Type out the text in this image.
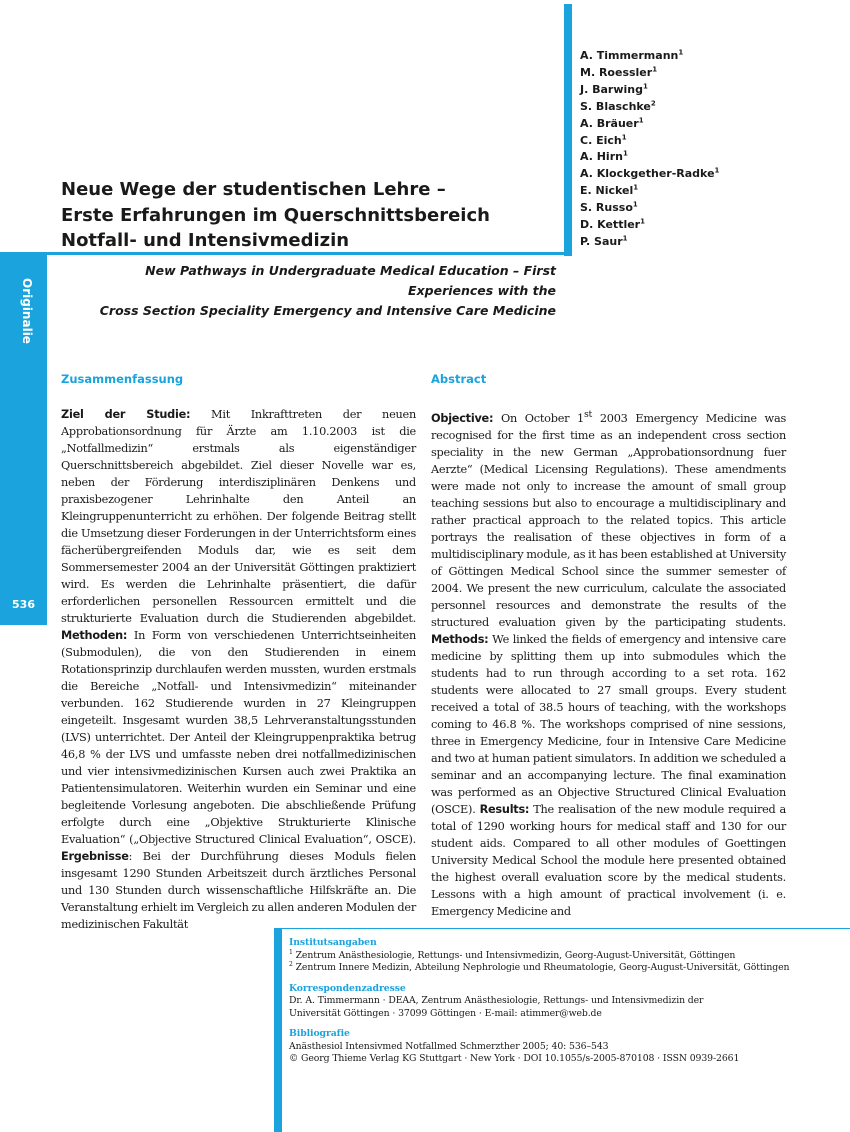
Originalie
536
A. Timmermann$^1$
M. Roessler$^1$
J. Barwing$^1$
S. Blaschke$^2$
A. Bräuer$^1$
C. Eich$^1$
A. Hirn$^1$
A. Klockgether-Radke$^1$
E. Nickel$^1$
S. Russo$^1$
D. Kettler$^1$
P. Saur$^1$
Neue Wege der studentischen Lehre –
Erste Erfahrungen im Querschnittsbereich
Notfall- und Intensivmedizin
New Pathways in Undergraduate Medical Education – First Experiences with the
Cross Section Speciality Emergency and Intensive Care Medicine
Zusammenfassung

Ziel der Studie: Mit Inkrafttreten der neuen Approbationsordnung für Ärzte am 1.10.2003 ist die „Notfallmedizin“ erstmals als eigenständiger Querschnittsbereich abgebildet. Ziel dieser Novelle war es, neben der Förderung interdisziplinären Denkens und praxisbezogener Lehrinhalte den Anteil an Kleingruppenunterricht zu erhöhen. Der folgende Beitrag stellt die Umsetzung dieser Forderungen in der Unterrichtsform eines fächerübergreifenden Moduls dar, wie es seit dem Sommersemester 2004 an der Universität Göttingen praktiziert wird. Es werden die Lehrinhalte präsentiert, die dafür erforderlichen personellen Ressourcen ermittelt und die strukturierte Evaluation durch die Studierenden abgebildet. Methoden: In Form von verschiedenen Unterrichtseinheiten (Submodulen), die von den Studierenden in einem Rotationsprinzip durchlaufen werden mussten, wurden erstmals die Bereiche „Notfall- und Intensivmedizin“ miteinander verbunden. 162 Studierende wurden in 27 Kleingruppen eingeteilt. Insgesamt wurden 38,5 Lehrveranstaltungsstunden (LVS) unterrichtet. Der Anteil der Kleingruppenpraktika betrug 46,8 % der LVS und umfasste neben drei notfallmedizinischen und vier intensivmedizinischen Kursen auch zwei Praktika an Patientensimulatoren. Weiterhin wurden ein Seminar und eine begleitende Vorlesung angeboten. Die abschließende Prüfung erfolgte durch eine „Objektive Strukturierte Klinische Evaluation“ („Objective Structured Clinical Evaluation“, OSCE). Ergebnisse: Bei der Durchführung dieses Moduls fielen insgesamt 1290 Stunden Arbeitszeit durch ärztliches Personal und 130 Stunden durch wissenschaftliche Hilfskräfte an. Die Veranstaltung erhielt im Vergleich zu allen anderen Modulen der medizinischen Fakultät

Abstract

Objective: On October 1st 2003 Emergency Medicine was recognised for the first time as an independent cross section speciality in the new German „Approbationsordnung fuer Aerzte“ (Medical Licensing Regulations). These amendments were made not only to increase the amount of small group teaching sessions but also to encourage a multidisciplinary and rather practical approach to the related topics. This article portrays the realisation of these objectives in form of a multidisciplinary module, as it has been established at University of Göttingen Medical School since the summer semester of 2004. We present the new curriculum, calculate the associated personnel resources and demonstrate the results of the structured evaluation given by the participating students. Methods: We linked the fields of emergency and intensive care medicine by splitting them up into submodules which the students had to run through according to a set rota. 162 students were allocated to 27 small groups. Every student received a total of 38.5 hours of teaching, with the workshops coming to 46.8 %. The workshops comprised of nine sessions, three in Emergency Medicine, four in Intensive Care Medicine and two at human patient simulators. In addition we scheduled a seminar and an accompanying lecture. The final examination was performed as an Objective Structured Clinical Evaluation (OSCE). Results: The realisation of the new module required a total of 1290 working hours for medical staff and 130 for our student aids. Compared to all other modules of Goettingen University Medical School the module here presented obtained the highest overall evaluation score by the medical students. Lessons with a high amount of practical involvement (i. e. Emergency Medicine and

Institutsangaben

$^1$ Zentrum Anästhesiologie, Rettungs- und Intensivmedizin, Georg-August-Universität, Göttingen

$^2$ Zentrum Innere Medizin, Abteilung Nephrologie und Rheumatologie, Georg-August-Universität, Göttingen

Korrespondenzadresse

Dr. A. Timmermann · DEAA, Zentrum Anästhesiologie, Rettungs- und Intensivmedizin der

Universität Göttingen · 37099 Göttingen · E-mail: atimmer@web.de

Bibliografie

Anästhesiol Intensivmed Notfallmed Schmerzther 2005; 40: 536–543

© Georg Thieme Verlag KG Stuttgart · New York · DOI 10.1055/s-2005-870108 · ISSN 0939-2661
